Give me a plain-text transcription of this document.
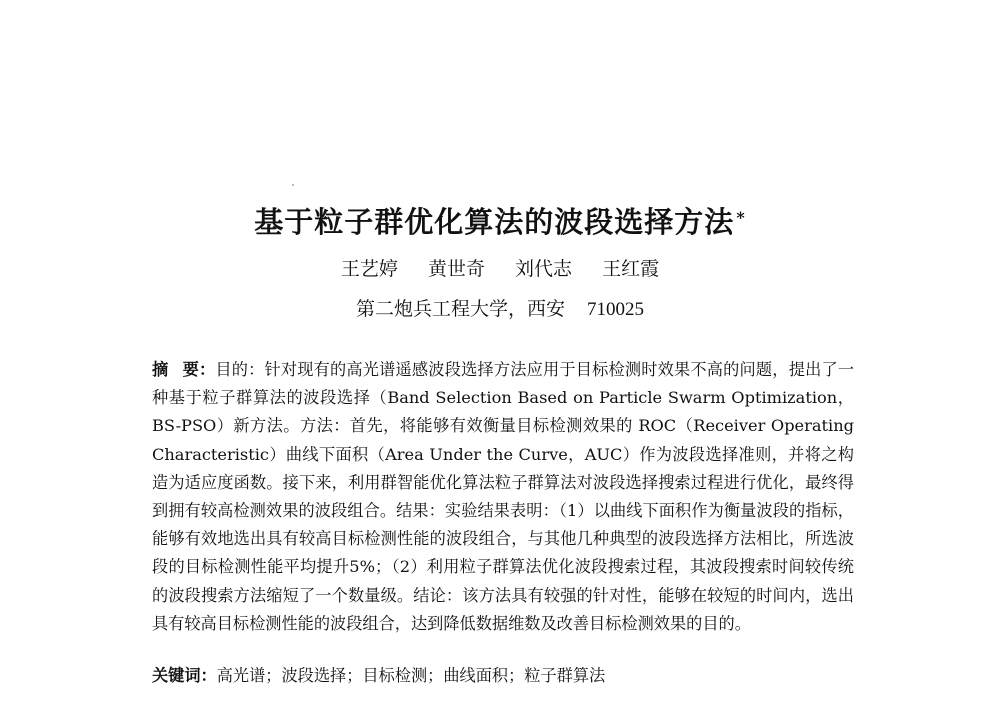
基于粒子群优化算法的波段选择方法 *
王艺婷 黄世奇 刘代志 王红霞
第二炮兵工程大学，西安 710025
摘 要：目的：针对现有的高光谱遥感波段选择方法应用于目标检测时效果不高的问题，提出了一种基于粒子群算法的波段选择（Band Selection Based on Particle Swarm Optimization，BS-PSO）新方法。方法：首先，将能够有效衡量目标检测效果的 ROC（Receiver Operating Characteristic）曲线下面积（Area Under the Curve，AUC）作为波段选择准则，并将之构造为适应度函数。接下来，利用群智能优化算法粒子群算法对波段选择搜索过程进行优化，最终得到拥有较高检测效果的波段组合。结果：实验结果表明：（1）以曲线下面积作为衡量波段的指标，能够有效地选出具有较高目标检测性能的波段组合，与其他几种典型的波段选择方法相比，所选波段的目标检测性能平均提升5%；（2）利用粒子群算法优化波段搜索过程，其波段搜索时间较传统的波段搜索方法缩短了一个数量级。结论：该方法具有较强的针对性，能够在较短的时间内，选出具有较高目标检测性能的波段组合，达到降低数据维数及改善目标检测效果的目的。
关键词：高光谱；波段选择；目标检测；曲线面积；粒子群算法
